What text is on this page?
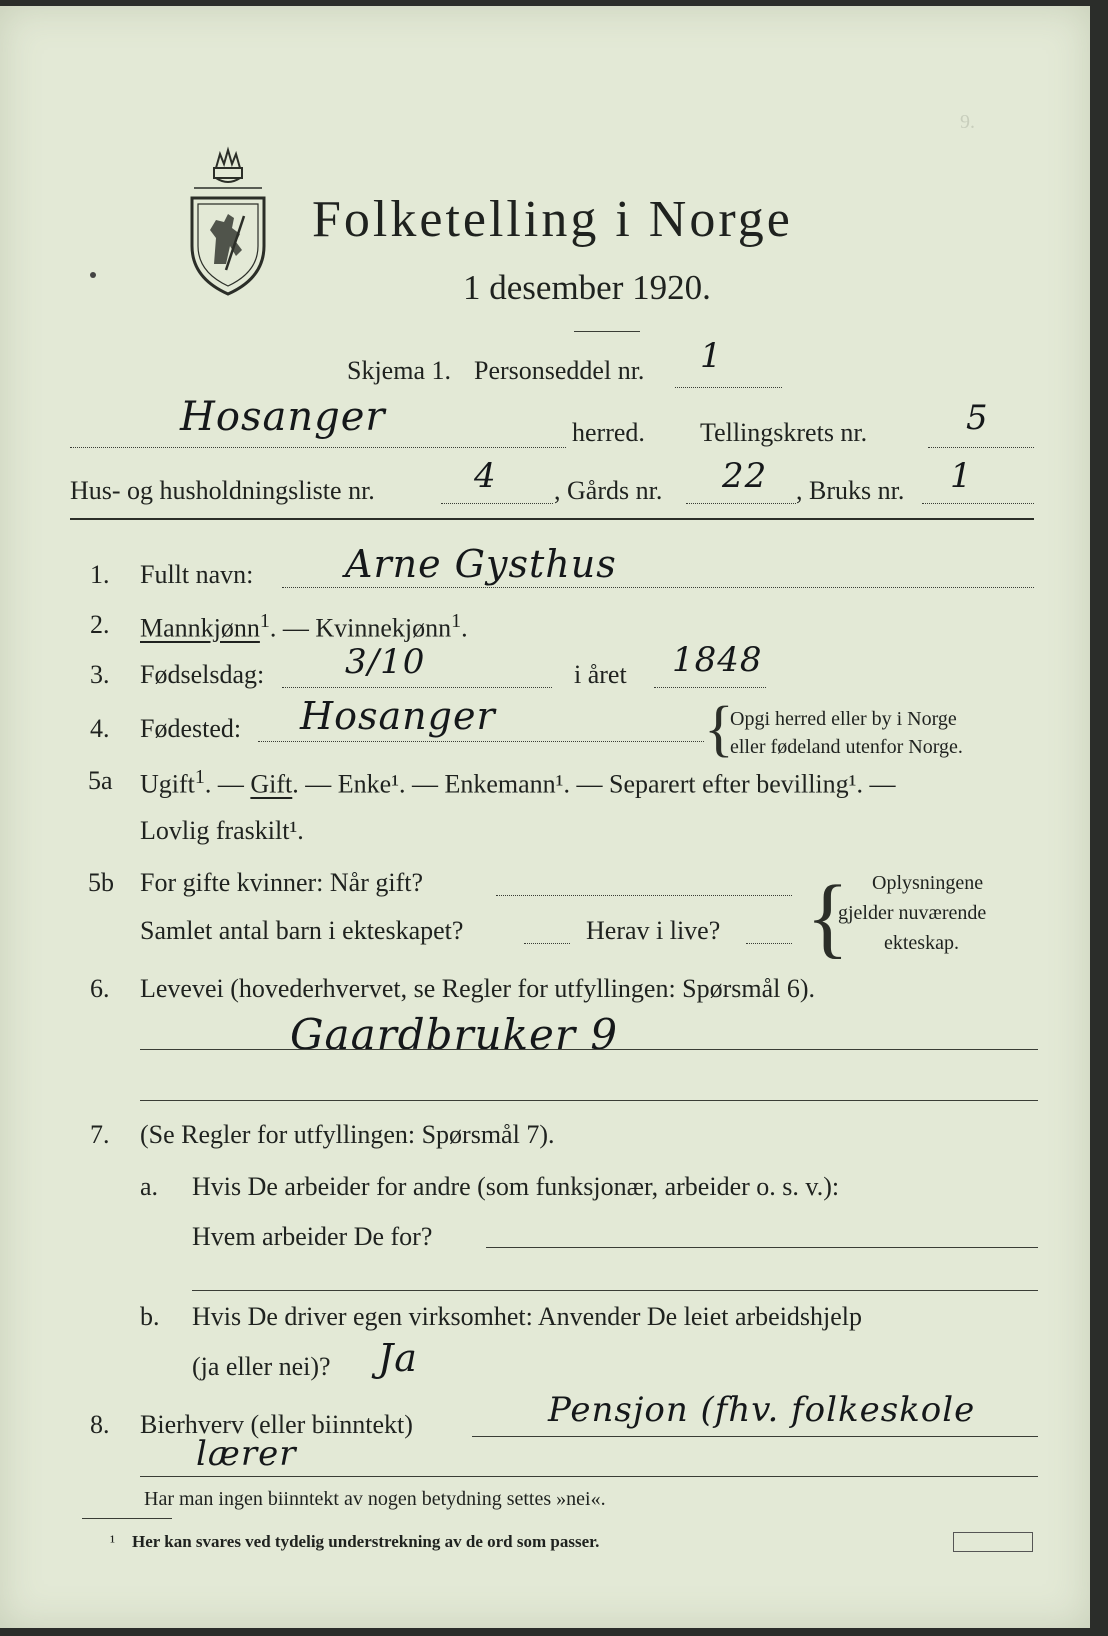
9.
Folketelling i Norge
1 desember 1920.
Skjema 1. Personseddel nr. 1
Hosanger	herred. Tellingskrets nr.	5
Hus- og husholdningsliste nr.	4 , Gårds nr. 22 , Bruks nr. 1
1. Fullt navn: Arne Gysthus
2. Mannkjønn$^1$. — Kvinnekjønn$^1$.
3. Fødselsdag: 3/10	i året 1848
4. Fødested: Hosanger	{
Opgi herred eller by i Norge
eller fødeland utenfor Norge.
5a Ugift$^1$. — Gift. — Enke¹. — Enkemann¹. — Separert efter bevilling¹. —
Lovlig fraskilt¹.
5b For gifte kvinner: Når gift?
Samlet antal barn i ekteskapet?	Herav i live? { Oplysningene
gjelder nuværende
ekteskap.
6. Levevei (hovederhvervet, se Regler for utfyllingen: Spørsmål 6).
Gaardbruker 9
7. (Se Regler for utfyllingen: Spørsmål 7).
a. Hvis De arbeider for andre (som funksjonær, arbeider o. s. v.):
Hvem arbeider De for?
b. Hvis De driver egen virksomhet: Anvender De leiet arbeidshjelp
(ja eller nei)? Ja
8. Bierhverv (eller biinntekt)	Pensjon (fhv. folkeskole
lærer
Har man ingen biinntekt av nogen betydning settes »nei«.
¹ Her kan svares ved tydelig understrekning av de ord som passer.
